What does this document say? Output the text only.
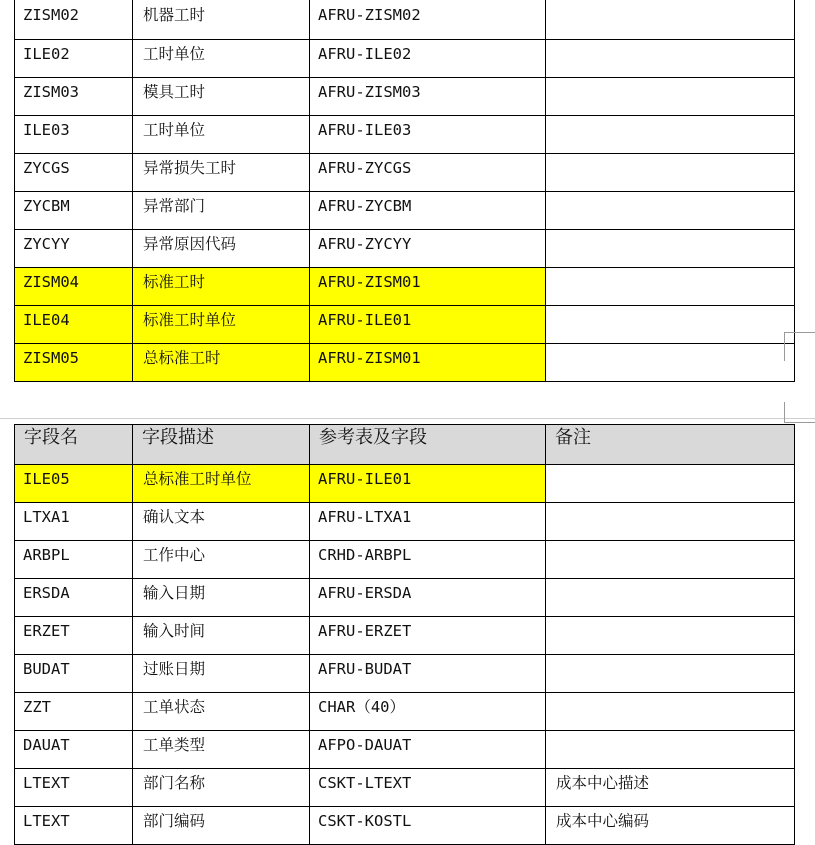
ZISM02	机器工时	AFRU-ZISM02	
ILE02	工时单位	AFRU-ILE02	
ZISM03	模具工时	AFRU-ZISM03	
ILE03	工时单位	AFRU-ILE03	
ZYCGS	异常损失工时	AFRU-ZYCGS	
ZYCBM	异常部门	AFRU-ZYCBM	
ZYCYY	异常原因代码	AFRU-ZYCYY	
ZISM04	标准工时	AFRU-ZISM01	
ILE04	标准工时单位	AFRU-ILE01	
ZISM05	总标准工时	AFRU-ZISM01	
字段名	字段描述	参考表及字段	备注
ILE05	总标准工时单位	AFRU-ILE01	
LTXA1	确认文本	AFRU-LTXA1	
ARBPL	工作中心	CRHD-ARBPL	
ERSDA	输入日期	AFRU-ERSDA	
ERZET	输入时间	AFRU-ERZET	
BUDAT	过账日期	AFRU-BUDAT	
ZZT	工单状态	CHAR（40）	
DAUAT	工单类型	AFPO-DAUAT	
LTEXT	部门名称	CSKT-LTEXT	成本中心描述
LTEXT	部门编码	CSKT-KOSTL	成本中心编码
